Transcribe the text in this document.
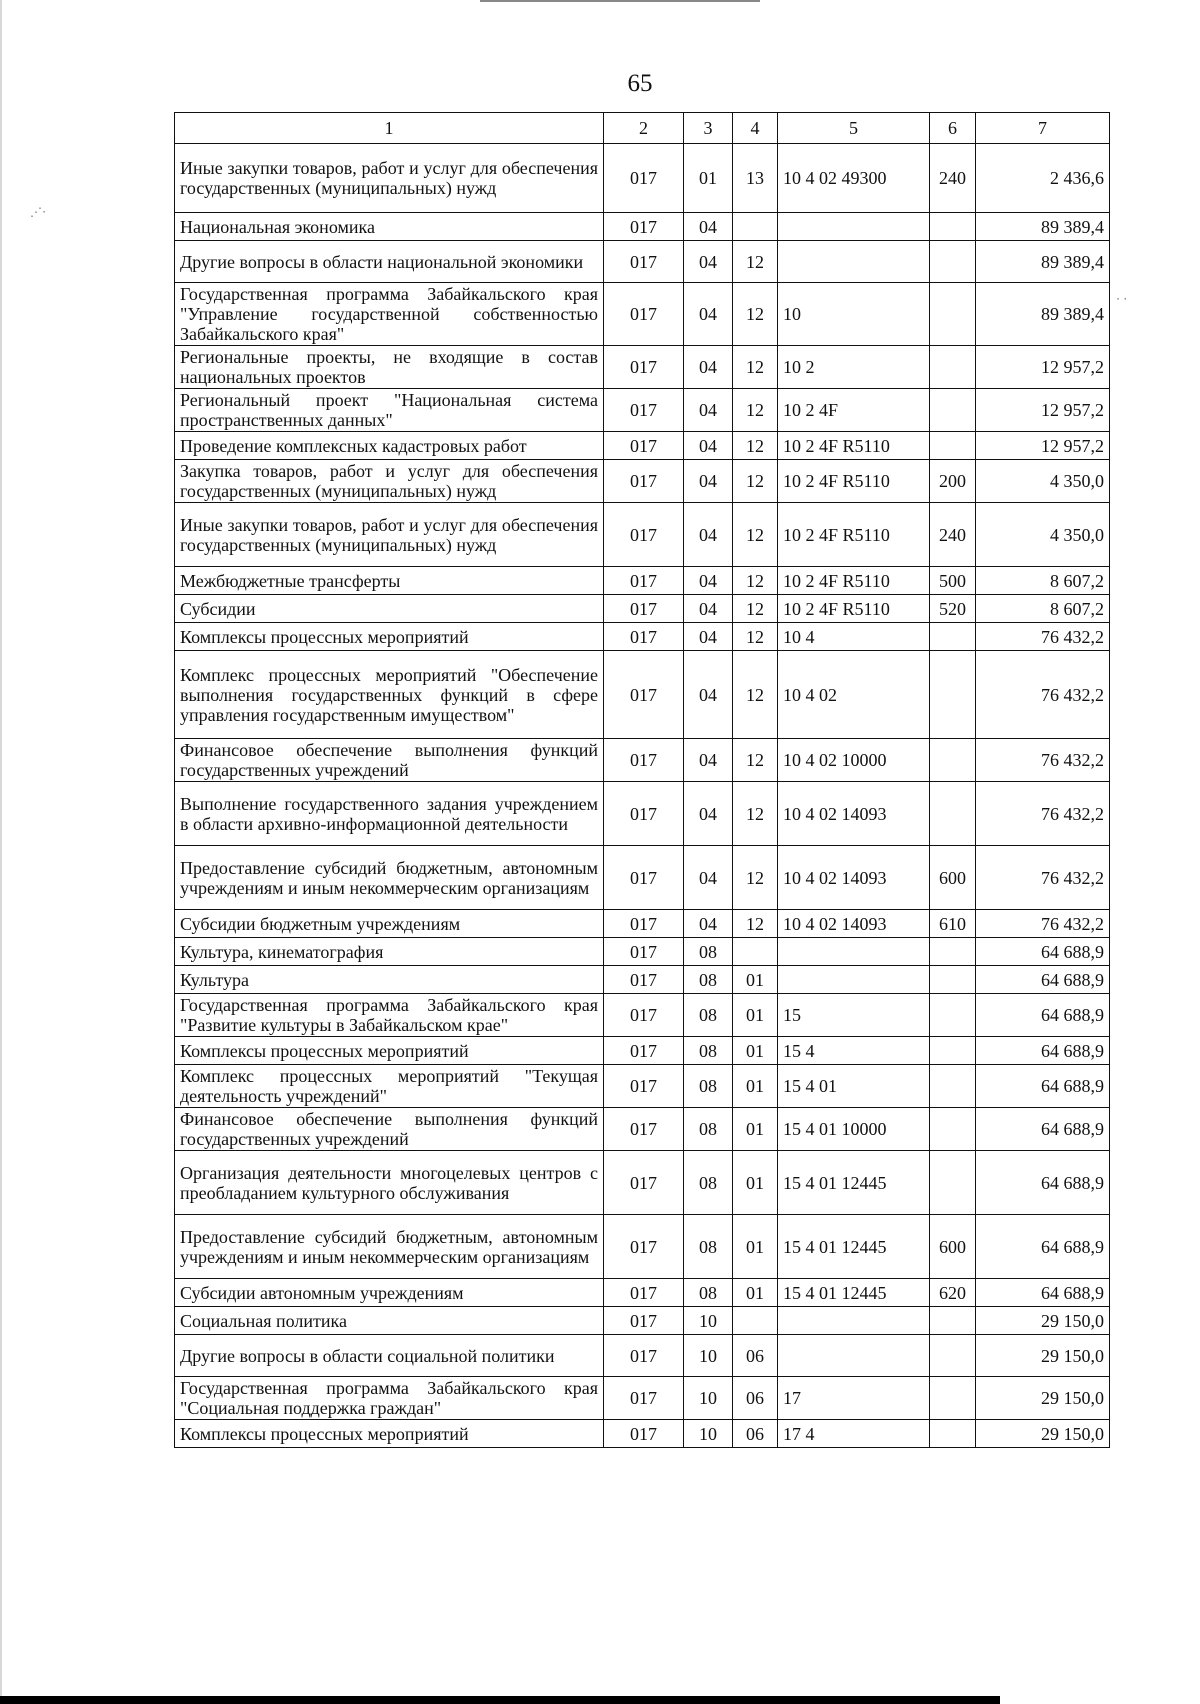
⋰⋅
⋅ ⋅
65
1	2	3	4	5	6	7
Иные закупки товаров, работ и услуг для обеспечения государственных (муниципальных) нужд	017	01	13	10 4 02 49300	240	2 436,6
Национальная экономика	017	04				89 389,4
Другие вопросы в области национальной экономики	017	04	12			89 389,4
Государственная программа Забайкальского края "Управление государственной собственностью Забайкальского края"	017	04	12	10		89 389,4
Региональные проекты, не входящие в состав национальных проектов	017	04	12	10 2		12 957,2
Региональный проект "Национальная система пространственных данных"	017	04	12	10 2 4F		12 957,2
Проведение комплексных кадастровых работ	017	04	12	10 2 4F R5110		12 957,2
Закупка товаров, работ и услуг для обеспечения государственных (муниципальных) нужд	017	04	12	10 2 4F R5110	200	4 350,0
Иные закупки товаров, работ и услуг для обеспечения государственных (муниципальных) нужд	017	04	12	10 2 4F R5110	240	4 350,0
Межбюджетные трансферты	017	04	12	10 2 4F R5110	500	8 607,2
Субсидии	017	04	12	10 2 4F R5110	520	8 607,2
Комплексы процессных мероприятий	017	04	12	10 4		76 432,2
Комплекс процессных мероприятий "Обеспечение выполнения государственных функций в сфере управления государственным имуществом"	017	04	12	10 4 02		76 432,2
Финансовое обеспечение выполнения функций государственных учреждений	017	04	12	10 4 02 10000		76 432,2
Выполнение государственного задания учреждением в области архивно-информационной деятельности	017	04	12	10 4 02 14093		76 432,2
Предоставление субсидий бюджетным, автономным учреждениям и иным некоммерческим организациям	017	04	12	10 4 02 14093	600	76 432,2
Субсидии бюджетным учреждениям	017	04	12	10 4 02 14093	610	76 432,2
Культура, кинематография	017	08				64 688,9
Культура	017	08	01			64 688,9
Государственная программа Забайкальского края "Развитие культуры в Забайкальском крае"	017	08	01	15		64 688,9
Комплексы процессных мероприятий	017	08	01	15 4		64 688,9
Комплекс процессных мероприятий "Текущая деятельность учреждений"	017	08	01	15 4 01		64 688,9
Финансовое обеспечение выполнения функций государственных учреждений	017	08	01	15 4 01 10000		64 688,9
Организация деятельности многоцелевых центров с преобладанием культурного обслуживания	017	08	01	15 4 01 12445		64 688,9
Предоставление субсидий бюджетным, автономным учреждениям и иным некоммерческим организациям	017	08	01	15 4 01 12445	600	64 688,9
Субсидии автономным учреждениям	017	08	01	15 4 01 12445	620	64 688,9
Социальная политика	017	10				29 150,0
Другие вопросы в области социальной политики	017	10	06			29 150,0
Государственная программа Забайкальского края "Социальная поддержка граждан"	017	10	06	17		29 150,0
Комплексы процессных мероприятий	017	10	06	17 4		29 150,0
